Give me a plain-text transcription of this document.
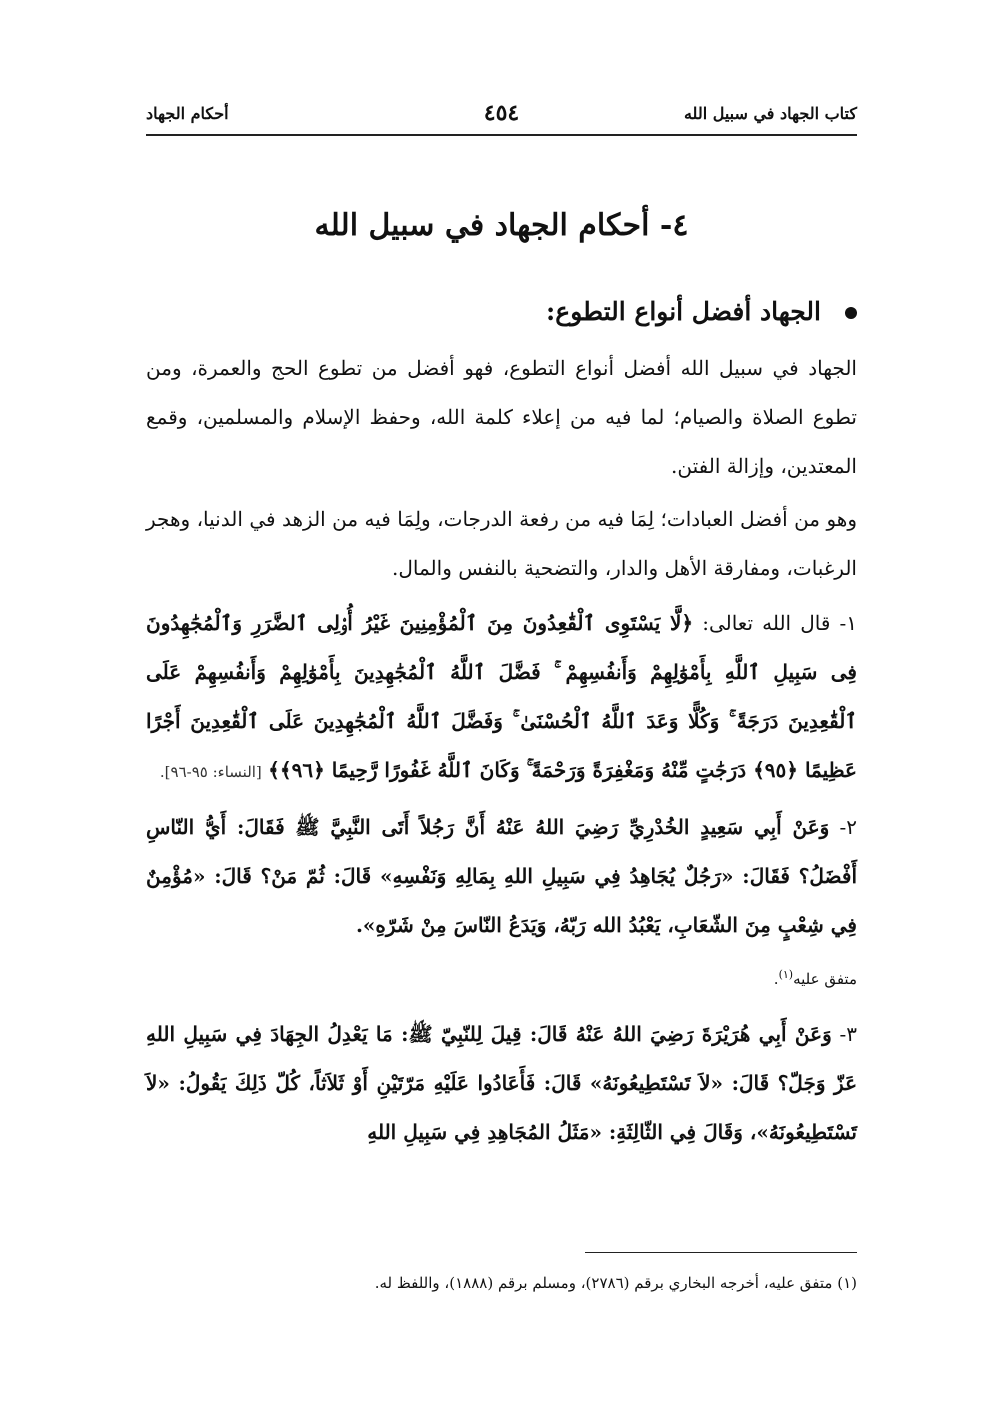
كتاب الجهاد في سبيل الله
٤٥٤
أحكام الجهاد
٤- أحكام الجهاد في سبيل الله
الجهاد أفضل أنواع التطوع:

الجهاد في سبيل الله أفضل أنواع التطوع، فهو أفضل من تطوع الحج والعمرة، ومن تطوع الصلاة والصيام؛ لما فيه من إعلاء كلمة الله، وحفظ الإسلام والمسلمين، وقمع المعتدين، وإزالة الفتن.

وهو من أفضل العبادات؛ لِمَا فيه من رفعة الدرجات، ولِمَا فيه من الزهد في الدنيا، وهجر الرغبات، ومفارقة الأهل والدار، والتضحية بالنفس والمال.

١- قال الله تعالى: ﴿لَّا يَسْتَوِى ٱلْقَٰعِدُونَ مِنَ ٱلْمُؤْمِنِينَ غَيْرُ أُو۟لِى ٱلضَّرَرِ وَٱلْمُجَٰهِدُونَ فِى سَبِيلِ ٱللَّهِ بِأَمْوَٰلِهِمْ وَأَنفُسِهِمْ ۚ فَضَّلَ ٱللَّهُ ٱلْمُجَٰهِدِينَ بِأَمْوَٰلِهِمْ وَأَنفُسِهِمْ عَلَى ٱلْقَٰعِدِينَ دَرَجَةً ۚ وَكُلًّا وَعَدَ ٱللَّهُ ٱلْحُسْنَىٰ ۚ وَفَضَّلَ ٱللَّهُ ٱلْمُجَٰهِدِينَ عَلَى ٱلْقَٰعِدِينَ أَجْرًا عَظِيمًا ﴿٩٥﴾ دَرَجَٰتٍ مِّنْهُ وَمَغْفِرَةً وَرَحْمَةً ۚ وَكَانَ ٱللَّهُ غَفُورًا رَّحِيمًا ﴿٩٦﴾﴾ [النساء: ٩٥-٩٦].

٢- وَعَنْ أَبِي سَعِيدٍ الخُدْرِيِّ رَضِيَ اللهُ عَنْهُ أَنَّ رَجُلاً أَتَى النَّبِيَّ ﷺ فَقَالَ: أَيُّ النّاسِ أَفْضَلُ؟ فَقَالَ: «رَجُلٌ يُجَاهِدُ فِي سَبِيلِ اللهِ بِمَالِهِ وَنَفْسِهِ» قَالَ: ثُمّ مَنْ؟ قَالَ: «مُؤْمِنٌ فِي شِعْبٍ مِنَ الشّعَابِ، يَعْبُدُ الله رَبّهُ، وَيَدَعُ النّاسَ مِنْ شَرّهِ».
متفق عليه$^{(١)}$.

٣- وَعَنْ أَبِي هُرَيْرَةَ رَضِيَ اللهُ عَنْهُ قَالَ: قِيلَ لِلنّبِيّ ﷺ: مَا يَعْدِلُ الجِهَادَ فِي سَبِيلِ اللهِ عَزّ وَجَلّ؟ قَالَ: «لاَ تَسْتَطِيعُونَهُ» قَالَ: فَأَعَادُوا عَلَيْهِ مَرّتَيْنِ أَوْ ثَلاَثاً، كُلّ ذَلِكَ يَقُولُ: «لاَ تَسْتَطِيعُونَهُ»، وَقَالَ فِي الثّالِثَةِ: «مَثَلُ المُجَاهِدِ فِي سَبِيلِ اللهِ

(١) متفق عليه، أخرجه البخاري برقم (٢٧٨٦)، ومسلم برقم (١٨٨٨)، واللفظ له.
